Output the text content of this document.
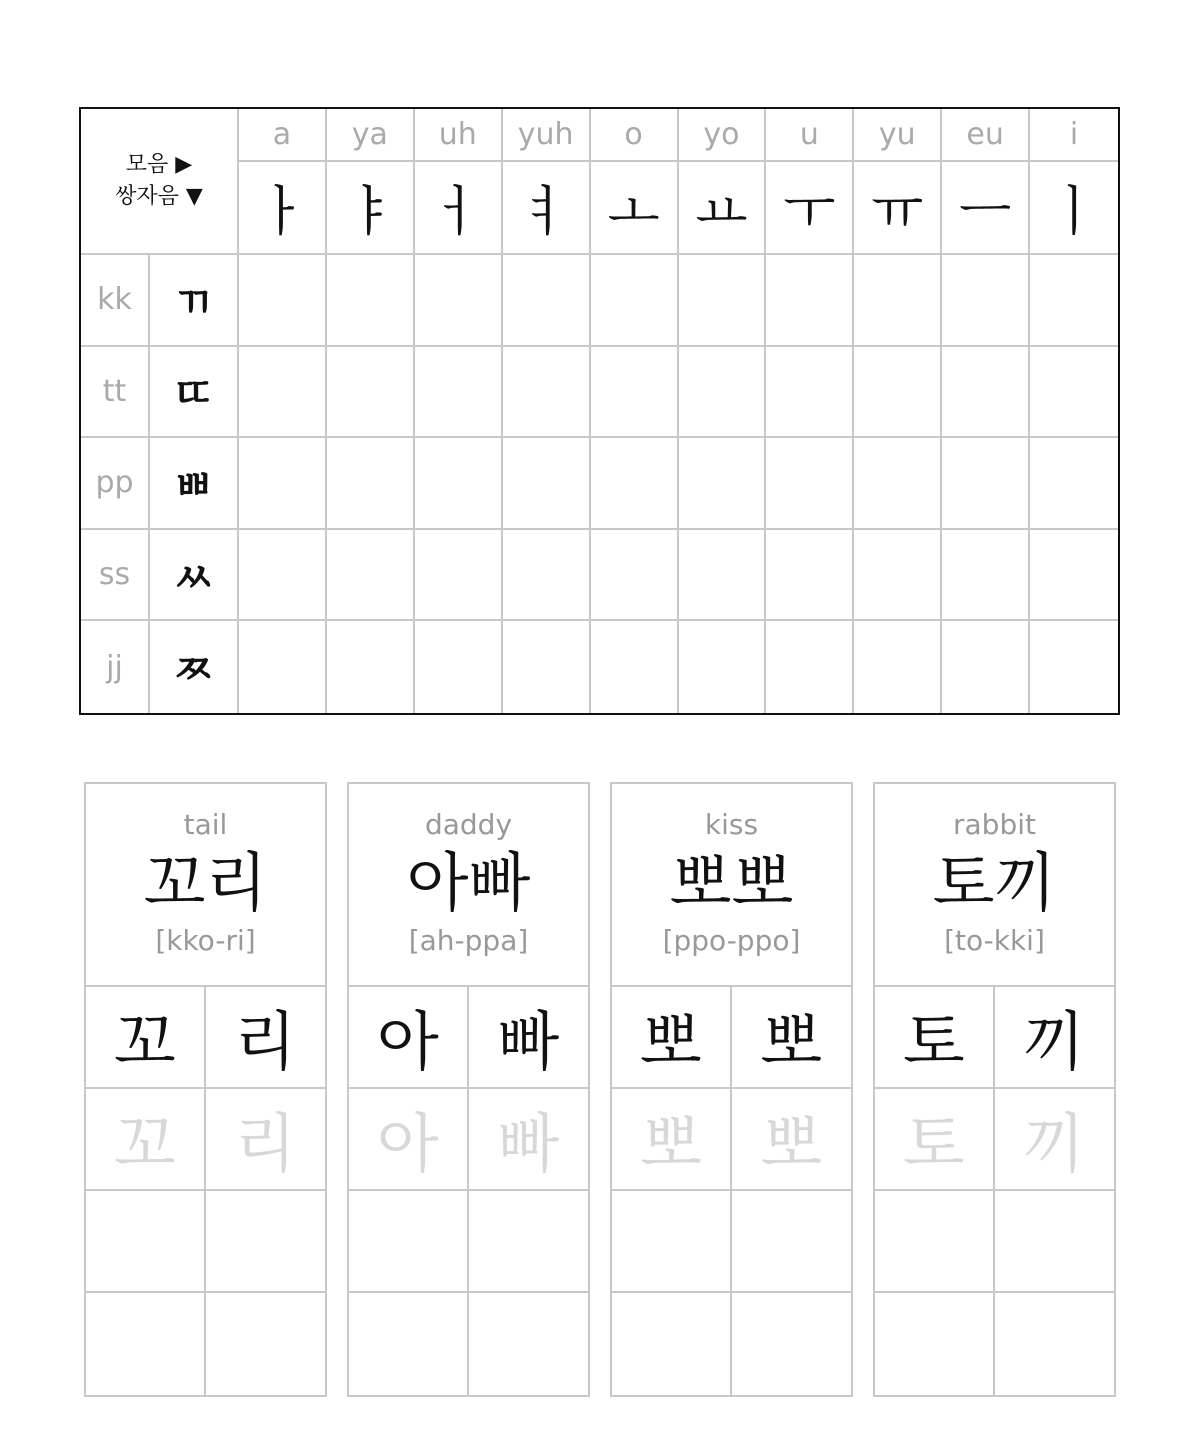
모음 ▶
쌍자음 ▼
a	ya	uh	yuh	o	yo	u	yu	eu	i
ㅏ ㅑ ㅓ ㅕ ㅗ ㅛ ㅜ ㅠ ㅡ ㅣ
kk ㄲ
tt	ㄸ
pp ㅃ
ss	ㅆ
jj	ㅉ
tail
꼬리
[kko-ri]
꼬 리
꼬 리
daddy
아빠
[ah-ppa]
아 빠
아 빠
kiss
뽀뽀
[ppo-ppo]
뽀 뽀
뽀 뽀
rabbit
토끼
[to-kki]
토 끼
토 끼
